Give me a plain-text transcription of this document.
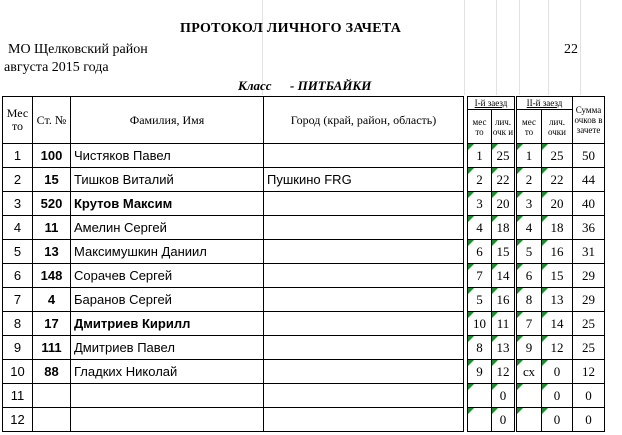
ПРОТОКОЛ ЛИЧНОГО ЗАЧЕТА
МО Щелковский район	22
августа 2015 года
Класс - ПИТБАЙКИ
Мес то	Ст. №	Фамилия, Имя	Город (край, район, область)		I-й заезд		II-й заезд		Сумма очков в зачете
					мес то	лич. очк и	мес то	лич. очки	
1	100	Чистяков Павел			1	25	1	25	50
2	15	Тишков Виталий	Пушкино FRG		2	22	2	22	44
3	520	Крутов Максим			3	20	3	20	40
4	11	Амелин Сергей			4	18	4	18	36
5	13	Максимушкин Даниил			6	15	5	16	31
6	148	Сорачев Сергей			7	14	6	15	29
7	4	Баранов Сергей			5	16	8	13	29
8	17	Дмитриев Кирилл			10	11	7	14	25
9	111	Дмитриев Павел			8	13	9	12	25
10	88	Гладких Николай			9	12	сх	0	12
11						0		0	0
12						0		0	0
